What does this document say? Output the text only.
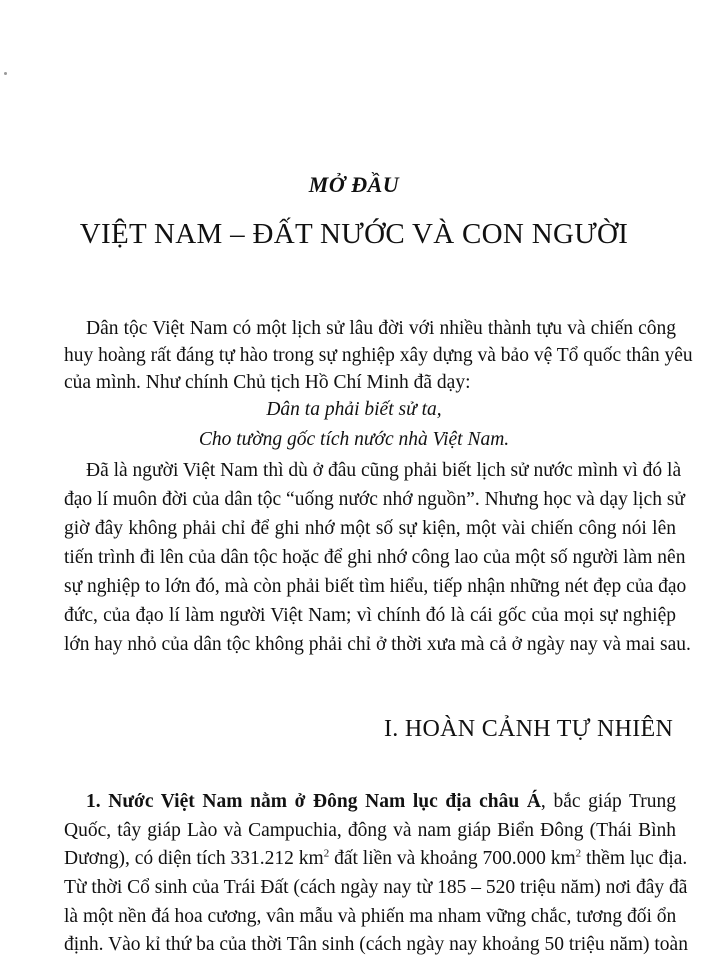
MỞ ĐẦU
VIỆT NAM – ĐẤT NƯỚC VÀ CON NGƯỜI
Dân tộc Việt Nam có một lịch sử lâu đời với nhiều thành tựu và chiến công
huy hoàng rất đáng tự hào trong sự nghiệp xây dựng và bảo vệ Tổ quốc thân yêu
của mình. Như chính Chủ tịch Hồ Chí Minh đã dạy:
Dân ta phải biết sử ta,
Cho tường gốc tích nước nhà Việt Nam.
Đã là người Việt Nam thì dù ở đâu cũng phải biết lịch sử nước mình vì đó là
đạo lí muôn đời của dân tộc “uống nước nhớ nguồn”. Nhưng học và dạy lịch sử
giờ đây không phải chỉ để ghi nhớ một số sự kiện, một vài chiến công nói lên
tiến trình đi lên của dân tộc hoặc để ghi nhớ công lao của một số người làm nên
sự nghiệp to lớn đó, mà còn phải biết tìm hiểu, tiếp nhận những nét đẹp của đạo
đức, của đạo lí làm người Việt Nam; vì chính đó là cái gốc của mọi sự nghiệp
lớn hay nhỏ của dân tộc không phải chỉ ở thời xưa mà cả ở ngày nay và mai sau.
I. HOÀN CẢNH TỰ NHIÊN
1. Nước Việt Nam nằm ở Đông Nam lục địa châu Á, bắc giáp Trung
Quốc, tây giáp Lào và Campuchia, đông và nam giáp Biển Đông (Thái Bình
Dương), có diện tích 331.212 $km^2$ đất liền và khoảng 700.000 $km^2$ thềm lục địa.
Từ thời Cổ sinh của Trái Đất (cách ngày nay từ 185 – 520 triệu năm) nơi đây đã
là một nền đá hoa cương, vân mẫu và phiến ma nham vững chắc, tương đối ổn
định. Vào kỉ thứ ba của thời Tân sinh (cách ngày nay khoảng 50 triệu năm) toàn
